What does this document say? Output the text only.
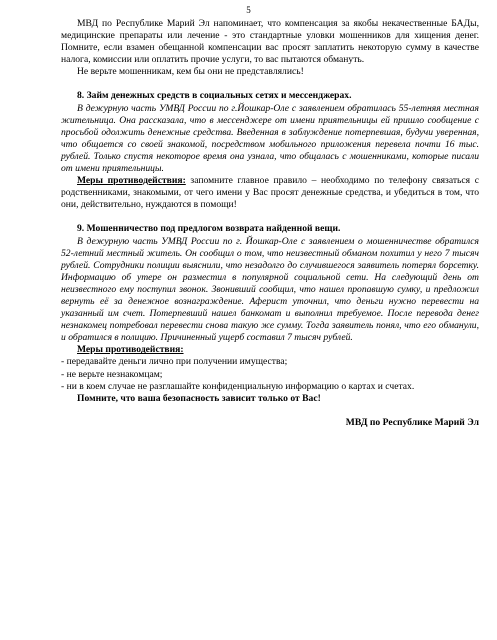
5

МВД по Республике Марий Эл напоминает, что компенсация за якобы некачественные БАДы, медицинские препараты или лечение - это стандартные уловки мошенников для хищения денег. Помните, если взамен обещанной компенсации вас просят заплатить некоторую сумму в качестве налога, комиссии или оплатить прочие услуги, то вас пытаются обмануть.

Не верьте мошенникам, кем бы они не представлялись!

8. Займ денежных средств в социальных сетях и мессенджерах.

В дежурную часть УМВД России по г.Йошкар-Оле с заявлением обратилась 55-летняя местная жительница. Она рассказала, что в мессенджере от имени приятельницы ей пришло сообщение с просьбой одолжить денежные средства. Введенная в заблуждение потерпевшая, будучи уверенная, что общается со своей знакомой, посредством мобильного приложения перевела почти 16 тыс. рублей. Только спустя некоторое время она узнала, что общалась с мошенниками, которые писали от имени приятельницы.

Меры противодействия: запомните главное правило – необходимо по телефону связаться с родственниками, знакомыми, от чего имени у Вас просят денежные средства, и убедиться в том, что они, действительно, нуждаются в помощи!

9. Мошенничество под предлогом возврата найденной вещи.

В дежурную часть УМВД России по г. Йошкар-Оле с заявлением о мошенничестве обратился 52-летний местный житель. Он сообщил о том, что неизвестный обманом похитил у него 7 тысяч рублей. Сотрудники полиции выяснили, что незадолго до случившегося заявитель потерял борсетку. Информацию об утере он разместил в популярной социальной сети. На следующий день от неизвестного ему поступил звонок. Звонивший сообщил, что нашел пропавшую сумку, и предложил вернуть её за денежное вознаграждение. Аферист уточнил, что деньги нужно перевести на указанный им счет. Потерпевший нашел банкомат и выполнил требуемое. После перевода денег незнакомец потребовал перевести снова такую же сумму. Тогда заявитель понял, что его обманули, и обратился в полицию. Причиненный ущерб составил 7 тысяч рублей.

Меры противодействия:

- передавайте деньги лично при получении имущества;

- не верьте незнакомцам;

- ни в коем случае не разглашайте конфиденциальную информацию о картах и счетах.

Помните, что ваша безопасность зависит только от Вас!

МВД по Республике Марий Эл
